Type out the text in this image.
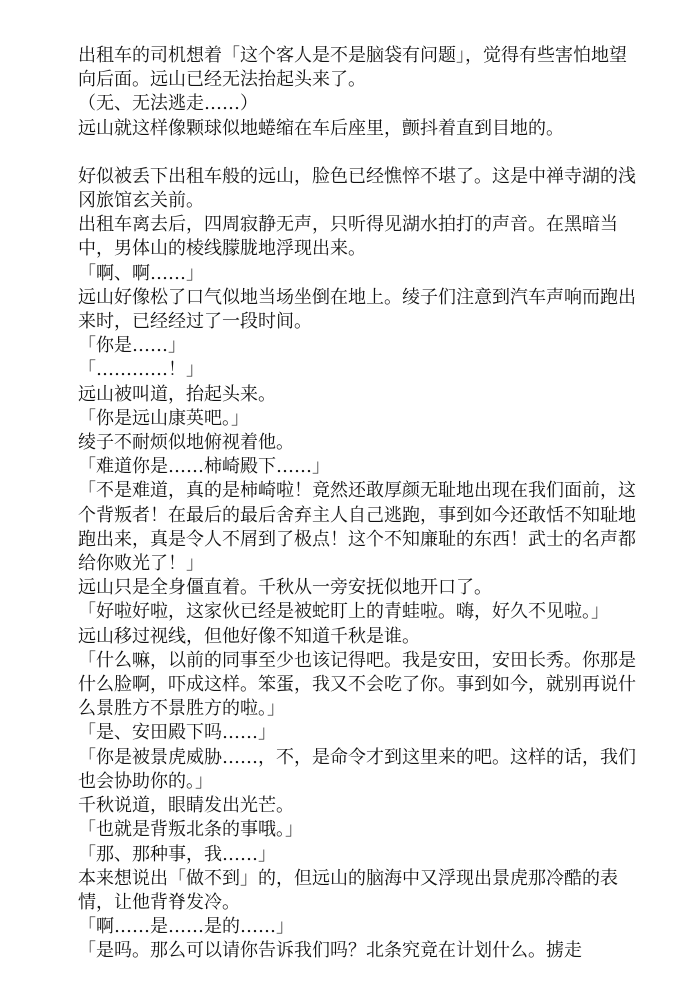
出租车的司机想着「这个客人是不是脑袋有问题」，觉得有些害怕地望向后面。远山已经无法抬起头来了。

（无、无法逃走……）

远山就这样像颗球似地蜷缩在车后座里，颤抖着直到目地的。

好似被丢下出租车般的远山，脸色已经憔悴不堪了。这是中禅寺湖的浅冈旅馆玄关前。

出租车离去后，四周寂静无声，只听得见湖水拍打的声音。在黑暗当中，男体山的棱线朦胧地浮现出来。

「啊、啊……」

远山好像松了口气似地当场坐倒在地上。绫子们注意到汽车声响而跑出来时，已经经过了一段时间。

「你是……」

「…………！」

远山被叫道，抬起头来。

「你是远山康英吧。」

绫子不耐烦似地俯视着他。

「难道你是……柿崎殿下……」

「不是难道，真的是柿崎啦！竟然还敢厚颜无耻地出现在我们面前，这个背叛者！在最后的最后舍弃主人自己逃跑，事到如今还敢恬不知耻地跑出来，真是令人不屑到了极点！这个不知廉耻的东西！武士的名声都给你败光了！」

远山只是全身僵直着。千秋从一旁安抚似地开口了。

「好啦好啦，这家伙已经是被蛇盯上的青蛙啦。嗨，好久不见啦。」

远山移过视线，但他好像不知道千秋是谁。

「什么嘛，以前的同事至少也该记得吧。我是安田，安田长秀。你那是什么脸啊，吓成这样。笨蛋，我又不会吃了你。事到如今，就别再说什么景胜方不景胜方的啦。」

「是、安田殿下吗……」

「你是被景虎威胁……，不，是命令才到这里来的吧。这样的话，我们也会协助你的。」

千秋说道，眼睛发出光芒。

「也就是背叛北条的事哦。」

「那、那种事，我……」

本来想说出「做不到」的，但远山的脑海中又浮现出景虎那冷酷的表情，让他背脊发冷。

「啊……是……是的……」

「是吗。那么可以请你告诉我们吗？北条究竟在计划什么。掳走
